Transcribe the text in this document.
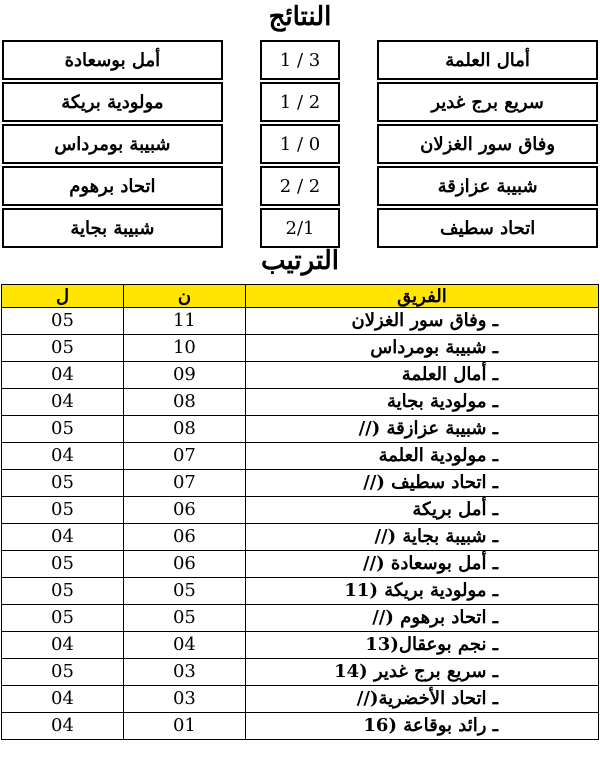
النتائج
أمل بوسعادة		1 / 3		أمال العلمة

مولودية بريكة		1 / 2		سريع برج غدير

شبيبة بومرداس		1 / 0		وفاق سور الغزلان

اتحاد برهوم		2 / 2		شبيبة عزازقة

شبيبة بجاية		2/1		اتحاد سطيف
الترتيب
ل	ن	الفريق
05	11	ـ وفاق سور الغزلان
05	10	ـ شبيبة بومرداس
04	09	ـ أمال العلمة
04	08	ـ مولودية بجاية
05	08	//) ـ شبيبة عزازقة
04	07	ـ مولودية العلمة
05	07	//) ـ اتحاد سطيف
05	06	ـ أمل بريكة
04	06	//) ـ شبيبة بجاية
05	06	//) ـ أمل بوسعادة
05	05	11) ـ مولودية بريكة
05	05	//) ـ اتحاد برهوم
04	04	13)ـ نجم بوعقال
05	03	14) ـ سريع برج غدير
04	03	//)ـ اتحاد الأخضرية
04	01	16) ـ رائد بوقاعة
